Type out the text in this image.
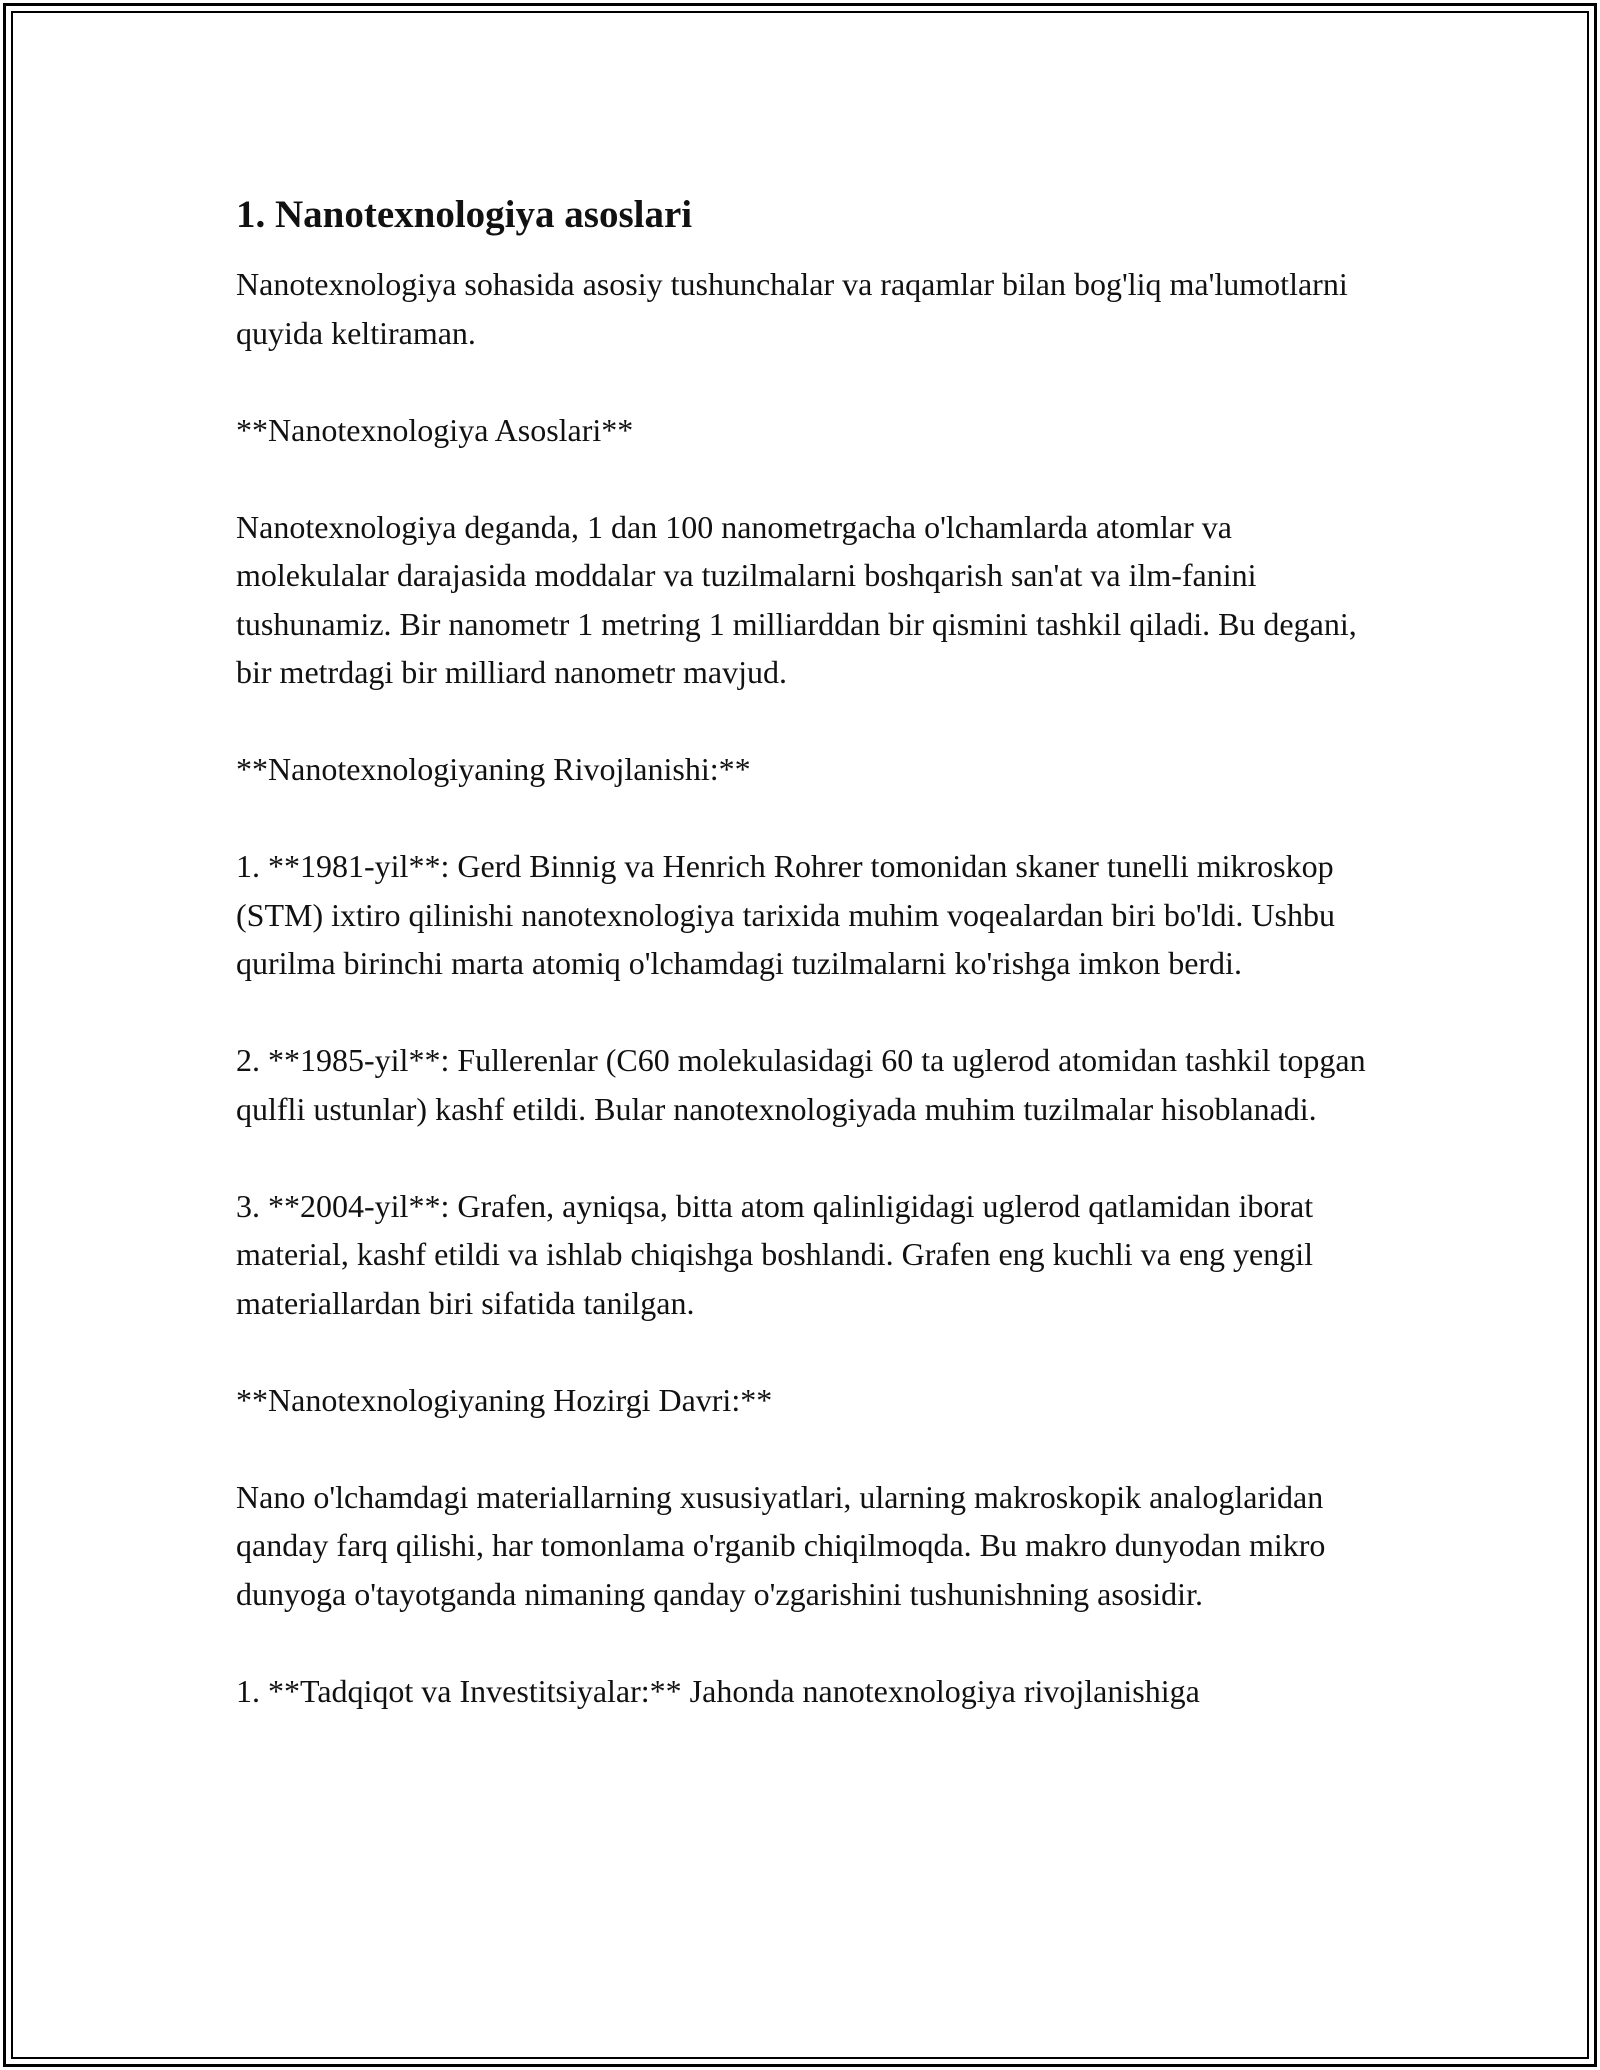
1. Nanotexnologiya asoslari

Nanotexnologiya sohasida asosiy tushunchalar va raqamlar bilan bog'liq ma'lumotlarni quyida keltiraman.

**Nanotexnologiya Asoslari**

Nanotexnologiya deganda, 1 dan 100 nanometrgacha o'lchamlarda atomlar va molekulalar darajasida moddalar va tuzilmalarni boshqarish san'at va ilm-fanini tushunamiz. Bir nanometr 1 metring 1 milliarddan bir qismini tashkil qiladi. Bu degani, bir metrdagi bir milliard nanometr mavjud.

**Nanotexnologiyaning Rivojlanishi:**

1. **1981-yil**: Gerd Binnig va Henrich Rohrer tomonidan skaner tunelli mikroskop (STM) ixtiro qilinishi nanotexnologiya tarixida muhim voqealardan biri bo'ldi. Ushbu qurilma birinchi marta atomiq o'lchamdagi tuzilmalarni ko'rishga imkon berdi.

2. **1985-yil**: Fullerenlar (C60 molekulasidagi 60 ta uglerod atomidan tashkil topgan qulfli ustunlar) kashf etildi. Bular nanotexnologiyada muhim tuzilmalar hisoblanadi.

3. **2004-yil**: Grafen, ayniqsa, bitta atom qalinligidagi uglerod qatlamidan iborat material, kashf etildi va ishlab chiqishga boshlandi. Grafen eng kuchli va eng yengil materiallardan biri sifatida tanilgan.

**Nanotexnologiyaning Hozirgi Davri:**

Nano o'lchamdagi materiallarning xususiyatlari, ularning makroskopik analoglaridan qanday farq qilishi, har tomonlama o'rganib chiqilmoqda. Bu makro dunyodan mikro dunyoga o'tayotganda nimaning qanday o'zgarishini tushunishning asosidir.

1. **Tadqiqot va Investitsiyalar:** Jahonda nanotexnologiya rivojlanishiga
